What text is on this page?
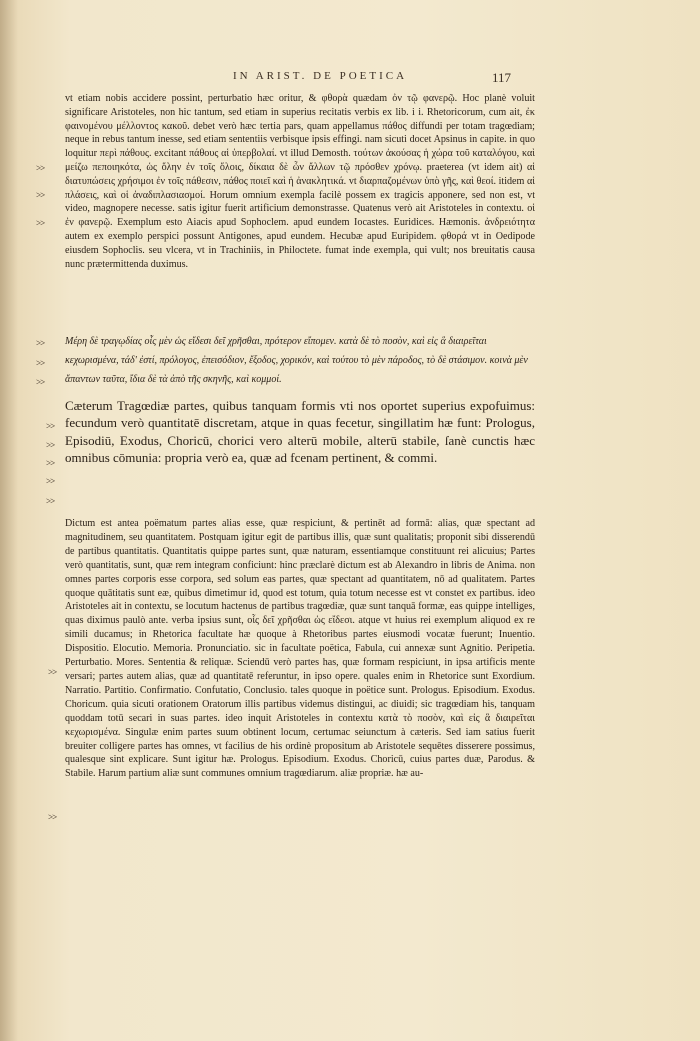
IN ARIST. DE POETICA	117
>>
>>
>>
>>
>>
>>
>>
>>
>>
>>
>>
>>
>>

vt etiam nobis accidere possint, perturbatio hæc oritur, & φθορὰ quædam ὀν τῷ φανερῷ. Hoc planè voluit significare Aristoteles, non hic tantum, sed etiam in superius recitatis verbis ex lib. i i. Rhetoricorum, cum ait, ἐκ φαινομένου μέλλοντος κακοῦ. debet verò hæc tertia pars, quam appellamus πάθος diffundi per totam tragœdiam; neque in rebus tantum inesse, sed etiam sententiis verbisque ipsis effingi. nam sicuti docet Apsinus in capite. in quo loquitur περὶ πάθους. excitant πάθους αἱ ὑπερβολαί. vt illud Demosth. τούτων ἀκούσας ἡ χώρα τοῦ καταλόγου, καὶ μείζω πεποιηκότα, ὡς ὅλην ἐν τοῖς ὅλοις, δίκαια δὲ ὧν ἄλλων τῷ πρόσθεν χρόνῳ. praeterea (vt idem ait) αἱ διατυπώσεις χρήσιμοι ἐν τοῖς πάθεσιν, πάθος ποιεῖ καὶ ἡ ἀνακλητικά. vt διαρπαζομένων ὑπὸ γῆς, καὶ θεοί. itidem αἱ πλάσεις, καὶ οἱ ἀναδιπλασιασμοί. Horum omnium exempla facilè possem ex tragicis apponere, sed non est, vt video, magnopere necesse. satis igitur fuerit artificium demonstrasse. Quatenus verò ait Aristoteles in contextu. οἱ ἐν φανερῷ. Exemplum esto Aiacis apud Sophoclem. apud eundem Iocastes. Euridices. Hæmonis. ἀνδρειότητα autem ex exemplo perspici possunt Antigones, apud eundem. Hecubæ apud Euripidem. φθορά vt in Oedipode eiusdem Sophoclis. seu vlcera, vt in Trachiniis, in Philoctete. fumat inde exempla, qui vult; nos breuitatis causa nunc prætermittenda duximus.

Μέρη δὲ τραγῳδίας οἷς μὲν ὡς εἴδεσι δεῖ χρῆσθαι, πρότερον εἴπομεν. κατὰ δὲ τὸ ποσὸν, καὶ εἰς ἃ διαιρεῖται κεχωρισμένα, τάδ' ἐστί, πρόλογος, ἐπεισόδιον, ἔξοδος, χορικόν, καὶ τούτου τὸ μὲν πάροδος, τὸ δὲ στάσιμον. κοινὰ μὲν ἅπαντων ταῦτα, ἴδια δὲ τὰ ἀπὸ τῆς σκηνῆς, καὶ κομμοί.
Cæterum Tragœdiæ partes, quibus tanquam formis vti nos oportet superius expofuimus: fecundum verò quantitatē discretam, atque in quas fecetur, singillatim hæ funt: Prologus, Episodiū, Exodus, Choricū, chorici vero alterū mobile, alterū stabile, ſanè cunctis hæc omnibus cōmunia: propria verò ea, quæ ad fcenam pertinent, & commi.

Dictum est antea poëmatum partes alias esse, quæ respiciunt, & pertinēt ad formā: alias, quæ spectant ad magnitudinem, seu quantitatem. Postquam igitur egit de partibus illis, quæ sunt qualitatis; proponit sibi disserendū de partibus quantitatis. Quantitatis quippe partes sunt, quæ naturam, essentiamque constituunt rei alicuius; Partes verò quantitatis, sunt, quæ rem integram conficiunt: hinc præclarè dictum est ab Alexandro in libris de Anima. non omnes partes corporis esse corpora, sed solum eas partes, quæ spectant ad quantitatem, nō ad qualitatem. Partes quoque quātitatis sunt eæ, quibus dimetimur id, quod est totum, quia totum necesse est vt constet ex partibus. ideo Aristoteles ait in contextu, se locutum hactenus de partibus tragœdiæ, quæ sunt tanquā formæ, eas quippe intelliges, quas diximus paulò ante. verba ipsius sunt, οἷς δεῖ χρῆσθαι ὡς εἴδεσι. atque vt huius rei exemplum aliquod ex re simili ducamus; in Rhetorica facultate hæ quoque à Rhetoribus partes eiusmodi vocatæ fuerunt; Inuentio. Dispositio. Elocutio. Memoria. Pronunciatio. sic in facultate poëtica, Fabula, cui annexæ sunt Agnitio. Peripetia. Perturbatio. Mores. Sententia & reliquæ. Sciendū verò partes has, quæ formam respiciunt, in ipsa artificis mente versari; partes autem alias, quæ ad quantitatē referuntur, in ipso opere. quales enim in Rhetorice sunt Exordium. Narratio. Partitio. Confirmatio. Confutatio, Conclusio. tales quoque in poëtice sunt. Prologus. Episodium. Exodus. Choricum. quia sicuti orationem Oratorum illis partibus videmus distingui, ac diuidi; sic tragœdiam his, tanquam quoddam totū secari in suas partes. ideo inquit Aristoteles in contextu κατὰ τὸ ποσὸν, καὶ εἰς ἃ διαιρεῖται κεχωρισμένα. Singulæ enim partes suum obtinent locum, certumac seiunctum à cæteris. Sed iam satius fuerit breuiter colligere partes has omnes, vt facilius de his ordinè propositum ab Aristotele sequētes disserere possimus, qualesque sint explicare. Sunt igitur hæ. Prologus. Episodium. Exodus. Choricū, cuius partes duæ, Parodus. & Stabile. Harum partium aliæ sunt communes omnium tragœdiarum. aliæ propriæ. hæ au-
